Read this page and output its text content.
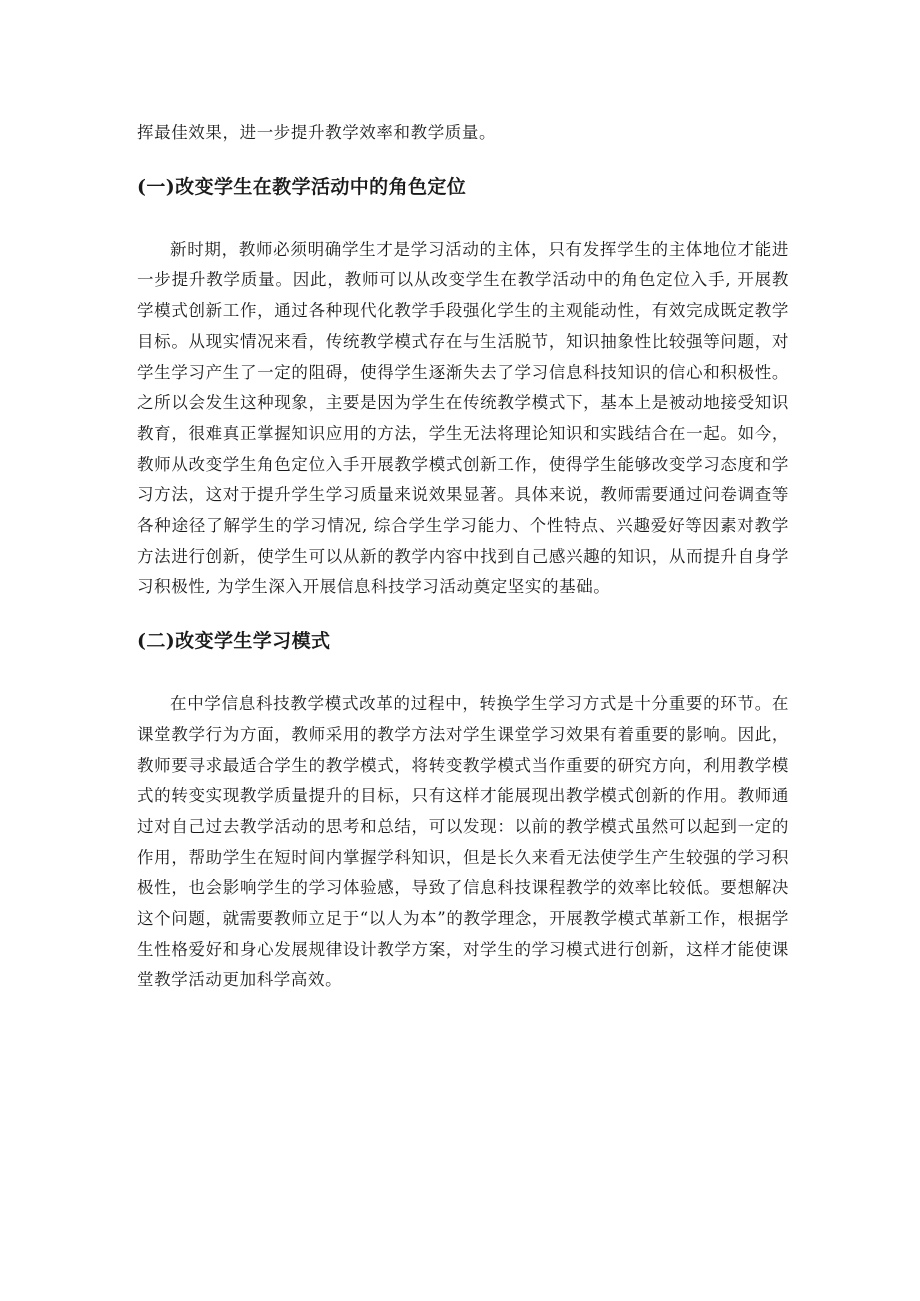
挥最佳效果，进一步提升教学效率和教学质量。

(一)改变学生在教学活动中的角色定位

新时期，教师必须明确学生才是学习活动的主体，只有发挥学生的主体地位才能进一步提升教学质量。因此，教师可以从改变学生在教学活动中的角色定位入手, 开展教学模式创新工作，通过各种现代化教学手段强化学生的主观能动性，有效完成既定教学目标。从现实情况来看，传统教学模式存在与生活脱节，知识抽象性比较强等问题，对学生学习产生了一定的阻碍，使得学生逐渐失去了学习信息科技知识的信心和积极性。之所以会发生这种现象，主要是因为学生在传统教学模式下，基本上是被动地接受知识教育，很难真正掌握知识应用的方法，学生无法将理论知识和实践结合在一起。如今，教师从改变学生角色定位入手开展教学模式创新工作，使得学生能够改变学习态度和学习方法，这对于提升学生学习质量来说效果显著。具体来说，教师需要通过问卷调查等各种途径了解学生的学习情况, 综合学生学习能力、个性特点、兴趣爱好等因素对教学方法进行创新，使学生可以从新的教学内容中找到自己感兴趣的知识，从而提升自身学习积极性, 为学生深入开展信息科技学习活动奠定坚实的基础。

(二)改变学生学习模式

在中学信息科技教学模式改革的过程中，转换学生学习方式是十分重要的环节。在课堂教学行为方面，教师采用的教学方法对学生课堂学习效果有着重要的影响。因此，教师要寻求最适合学生的教学模式，将转变教学模式当作重要的研究方向，利用教学模式的转变实现教学质量提升的目标，只有这样才能展现出教学模式创新的作用。教师通过对自己过去教学活动的思考和总结，可以发现：以前的教学模式虽然可以起到一定的作用，帮助学生在短时间内掌握学科知识，但是长久来看无法使学生产生较强的学习积极性，也会影响学生的学习体验感，导致了信息科技课程教学的效率比较低。要想解决这个问题，就需要教师立足于“以人为本”的教学理念，开展教学模式革新工作，根据学生性格爱好和身心发展规律设计教学方案，对学生的学习模式进行创新，这样才能使课堂教学活动更加科学高效。
